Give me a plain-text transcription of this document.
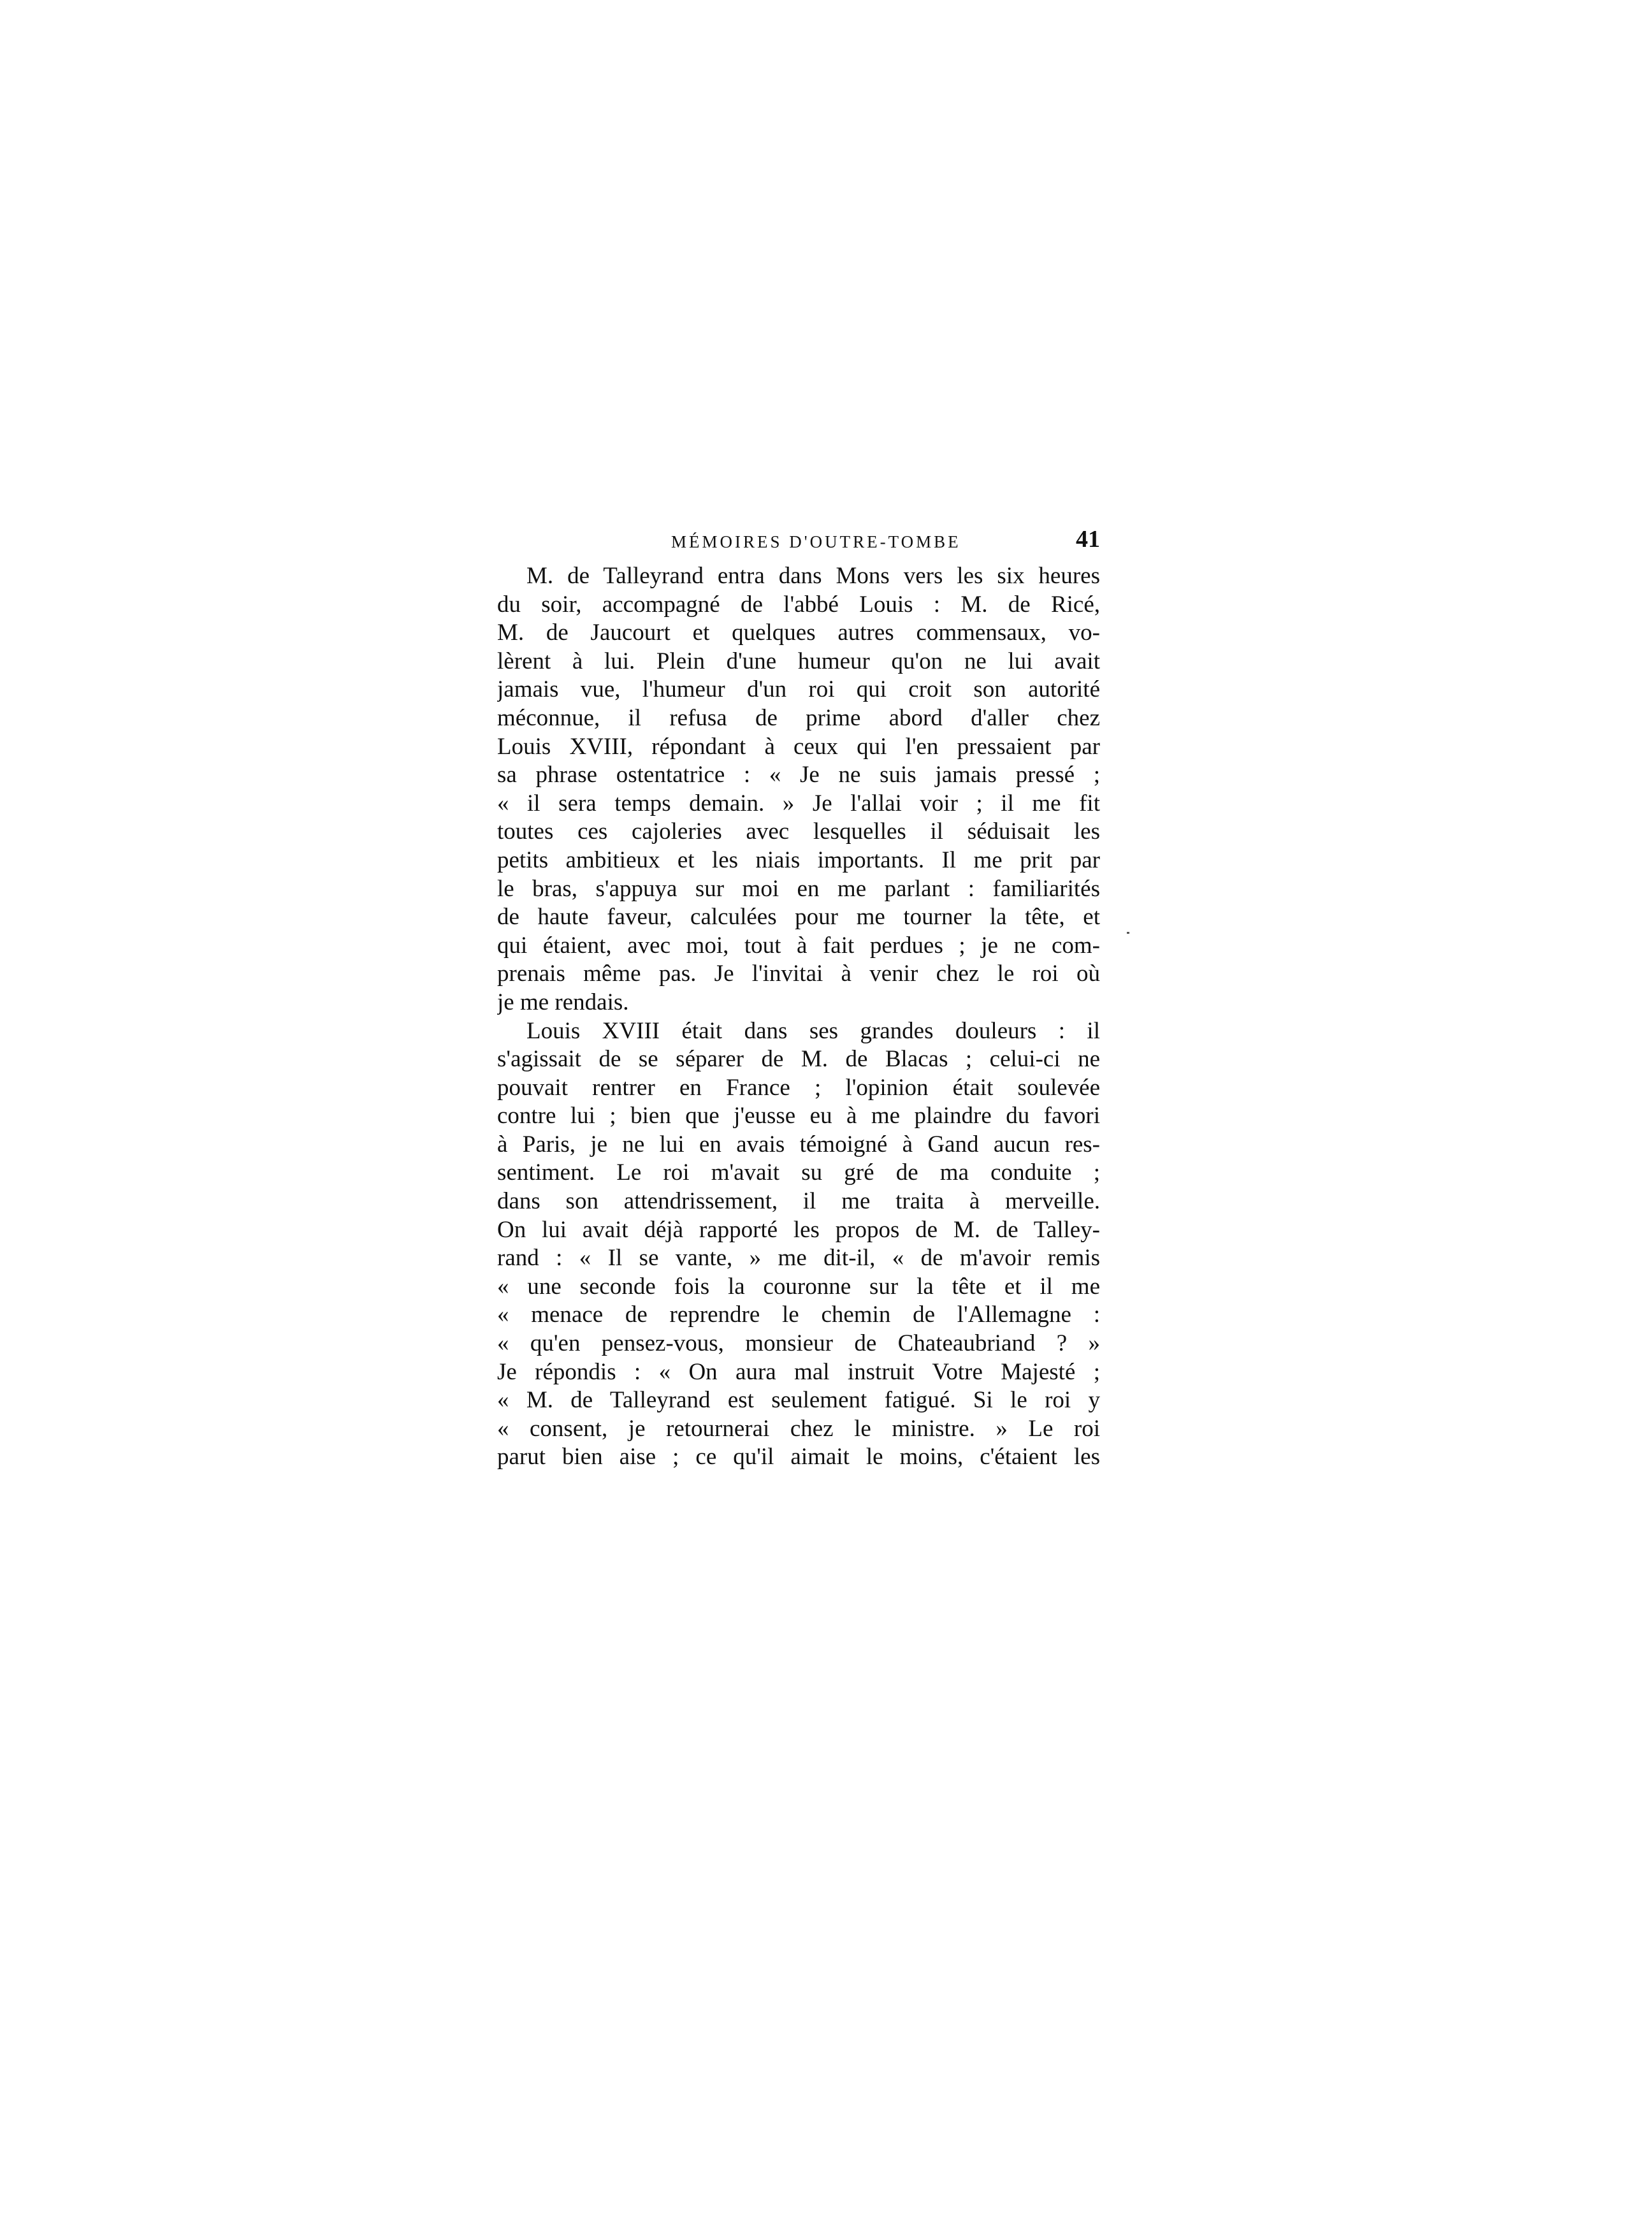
MÉMOIRES D'OUTRE-TOMBE	41
M. de Talleyrand entra dans Mons vers les six heures
du soir, accompagné de l'abbé Louis : M. de Ricé,
M. de Jaucourt et quelques autres commensaux, vo-
lèrent à lui. Plein d'une humeur qu'on ne lui avait
jamais vue, l'humeur d'un roi qui croit son autorité
méconnue, il refusa de prime abord d'aller chez
Louis XVIII, répondant à ceux qui l'en pressaient par
sa phrase ostentatrice : « Je ne suis jamais pressé ;
« il sera temps demain. » Je l'allai voir ; il me fit
toutes ces cajoleries avec lesquelles il séduisait les
petits ambitieux et les niais importants. Il me prit par
le bras, s'appuya sur moi en me parlant : familiarités
de haute faveur, calculées pour me tourner la tête, et
qui étaient, avec moi, tout à fait perdues ; je ne com-
prenais même pas. Je l'invitai à venir chez le roi où
je me rendais.
Louis XVIII était dans ses grandes douleurs : il
s'agissait de se séparer de M. de Blacas ; celui-ci ne
pouvait rentrer en France ; l'opinion était soulevée
contre lui ; bien que j'eusse eu à me plaindre du favori
à Paris, je ne lui en avais témoigné à Gand aucun res-
sentiment. Le roi m'avait su gré de ma conduite ;
dans son attendrissement, il me traita à merveille.
On lui avait déjà rapporté les propos de M. de Talley-
rand : « Il se vante, » me dit-il, « de m'avoir remis
« une seconde fois la couronne sur la tête et il me
« menace de reprendre le chemin de l'Allemagne :
« qu'en pensez-vous, monsieur de Chateaubriand ? »
Je répondis : « On aura mal instruit Votre Majesté ;
« M. de Talleyrand est seulement fatigué. Si le roi y
« consent, je retournerai chez le ministre. » Le roi
parut bien aise ; ce qu'il aimait le moins, c'étaient les
